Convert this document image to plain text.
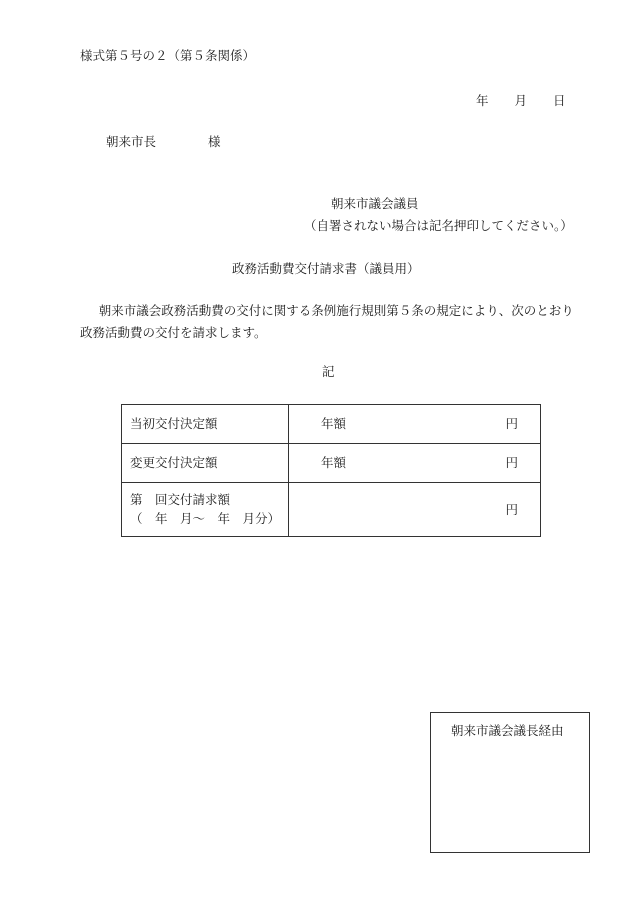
様式第５号の２（第５条関係）
年 月 日
朝来市長	様
朝来市議会議員
（自署されない場合は記名押印してください。）
政務活動費交付請求書（議員用）
朝来市議会政務活動費の交付に関する条例施行規則第５条の規定により、次のとおり政務活動費の交付を請求します。
記
当初交付決定額	年額 円

変更交付決定額	年額 円

第　回交付請求額
（　年　月～　年　月分）	円
朝来市議会議長経由
